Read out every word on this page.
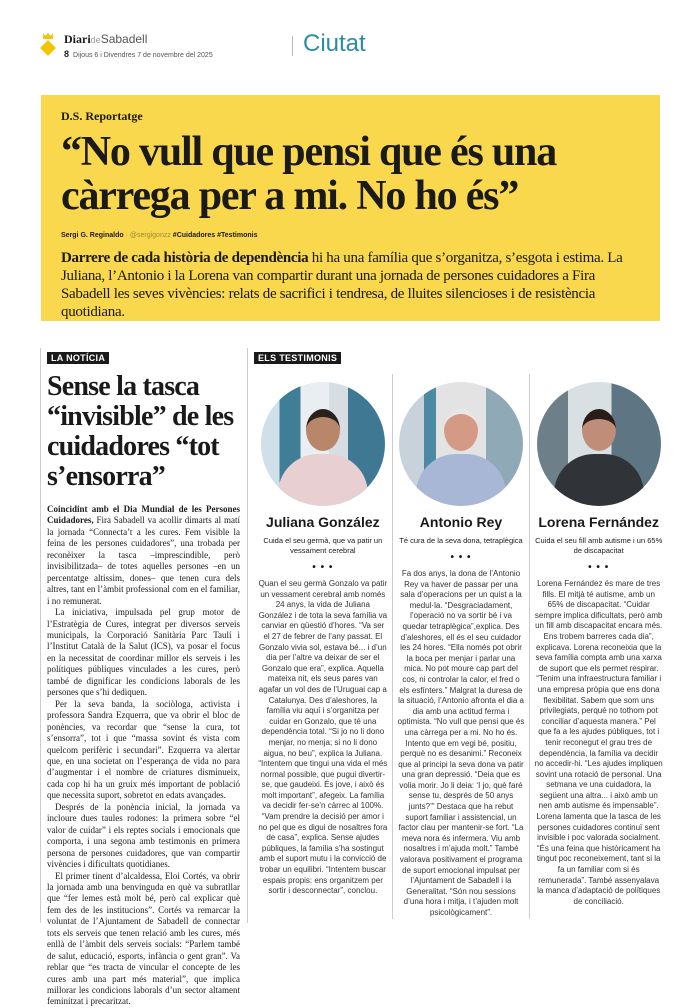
DiarideSabadell
8 Dijous 6 i Divendres 7 de novembre del 2025	Ciutat
D.S. Reportatge
“No vull que pensi que és una càrrega per a mi. No ho és”
Sergi G. Reginaldo · @sergigonzz #Cuidadores #Testimonis

Darrere de cada història de dependència hi ha una família que s’organitza, s’esgota i estima. La Juliana, l’Antonio i la Lorena van compartir durant una jornada de persones cuidadores a Fira Sabadell les seves vivències: relats de sacrifici i tendresa, de lluites silencioses i de resistència quotidiana.

LA NOTÍCIA
Sense la tasca “invisible” de les cuidadores “tot s’ensorra”

Coincidint amb el Dia Mundial de les Persones Cuidadores, Fira Sabadell va acollir dimarts al matí la jornada “Connecta’t a les cures. Fem visible la feina de les persones cuidadores”, una trobada per reconèixer la tasca –imprescindible, però invisibilitzada– de totes aquelles persones –en un percentatge altíssim, dones– que tenen cura dels altres, tant en l’àmbit professional com en el familiar, i no remunerat.

La iniciativa, impulsada pel grup motor de l’Estratègia de Cures, integrat per diversos serveis municipals, la Corporació Sanitària Parc Taulí i l’Institut Català de la Salut (ICS), va posar el focus en la necessitat de coordinar millor els serveis i les polítiques públiques vinculades a les cures, però també de dignificar les condicions laborals de les persones que s’hi dediquen.

Per la seva banda, la sociòloga, activista i professora Sandra Ezquerra, que va obrir el bloc de ponències, va recordar que “sense la cura, tot s’ensorra”, tot i que “massa sovint és vista com quelcom perifèric i secundari”. Ezquerra va alertar que, en una societat on l’esperança de vida no para d’augmentar i el nombre de criatures disminueix, cada cop hi ha un gruix més important de població que necessita suport, sobretot en edats avançades.

Després de la ponència inicial, la jornada va incloure dues taules rodones: la primera sobre “el valor de cuidar” i els reptes socials i emocionals que comporta, i una segona amb testimonis en primera persona de persones cuidadores, que van compartir vivències i dificultats quotidianes.

El primer tinent d’alcaldessa, Eloi Cortés, va obrir la jornada amb una benvinguda en què va subratllar que “fer lemes està molt bé, però cal explicar què fem des de les institucions”. Cortés va remarcar la voluntat de l’Ajuntament de Sabadell de connectar tots els serveis que tenen relació amb les cures, més enllà de l’àmbit dels serveis socials: “Parlem també de salut, educació, esports, infància o gent gran”. Va reblar que “es tracta de vincular el concepte de les cures amb una part més material”, que implica millorar les condicions laborals d’un sector altament feminitzat i precaritzat.

ELS TESTIMONIS
Juliana González
Cuida el seu germà, que va patir un vessament cerebral
• • •
Quan el seu germà Gonzalo va patir un vessament cerebral amb només 24 anys, la vida de Juliana González i de tota la seva família va canviar en qüestió d’hores. “Va ser el 27 de febrer de l’any passat. El Gonzalo vivia sol, estava bé... i d’un dia per l’altre va deixar de ser el Gonzalo que era”, explica. Aquella mateixa nit, els seus pares van agafar un vol des de l’Uruguai cap a Catalunya. Des d’aleshores, la família viu aquí i s’organitza per cuidar en Gonzalo, que té una dependència total. “Si jo no li dono menjar, no menja; si no li dono aigua, no beu”, explica la Juliana. “Intentem que tingui una vida el més normal possible, que pugui divertir-se, que gaudeixi. És jove, i això és molt important”, afegeix. La família va decidir fer-se’n càrrec al 100%. “Vam prendre la decisió per amor i no pel que es digui de nosaltres fora de casa”, explica. Sense ajudes públiques, la família s’ha sostingut amb el suport mutu i la convicció de trobar un equilibri. “Intentem buscar espais propis: ens organitzem per sortir i desconnectar”, conclou.
Antonio Rey
Té cura de la seva dona, tetraplègica
• • •
Fa dos anys, la dona de l’Antonio Rey va haver de passar per una sala d’operacions per un quist a la medul·la. “Desgraciadament, l’operació no va sortir bé i va quedar tetraplègica”,explica. Des d’aleshores, ell és el seu cuidador les 24 hores. “Ella només pot obrir la boca per menjar i parlar una mica. No pot moure cap part del cos, ni controlar la calor, el fred o els esfínters.” Malgrat la duresa de la situació, l’Antonio afronta el dia a dia amb una actitud ferma i optimista. “No vull que pensi que és una càrrega per a mi. No ho és. Intento que em vegi bé, positiu, perquè no es desanimi.” Reconeix que al principi la seva dona va patir una gran depressió. “Deia que es volia morir. Jo li deia: ‘I jo, què faré sense tu, després de 50 anys junts?’” Destaca que ha rebut suport familiar i assistencial, un factor clau per mantenir-se fort. “La meva nora és infermera. Viu amb nosaltres i m’ajuda molt.” També valorava positivament el programa de suport emocional impulsat per l’Ajuntament de Sabadell i la Generalitat. “Són nou sessions d’una hora i mitja, i t’ajuden molt psicològicament”.
Lorena Fernández
Cuida el seu fill amb autisme i un 65% de discapacitat
• • •
Lorena Fernández és mare de tres fills. El mitjà té autisme, amb un 65% de discapacitat. “Cuidar sempre implica dificultats, però amb un fill amb discapacitat encara més. Ens trobem barreres cada dia”, explicava. Lorena reconeixia que la seva família compta amb una xarxa de suport que els permet respirar. “Tenim una infraestructura familiar i una empresa pròpia que ens dona flexibilitat. Sabem que som uns privilegiats, perquè no tothom pot conciliar d’aquesta manera.” Pel que fa a les ajudes públiques, tot i tenir reconegut el grau tres de dependència, la família va decidir no accedir-hi. “Les ajudes impliquen sovint una rotació de personal. Una setmana ve una cuidadora, la següent una altra... i això amb un nen amb autisme és impensable”. Lorena lamenta que la tasca de les persones cuidadores continuï sent invisible i poc valorada socialment. “És una feina que històricament ha tingut poc reconeixement, tant si la fa un familiar com si és remunerada”. També assenyalava la manca d’adaptació de polítiques de conciliació.
